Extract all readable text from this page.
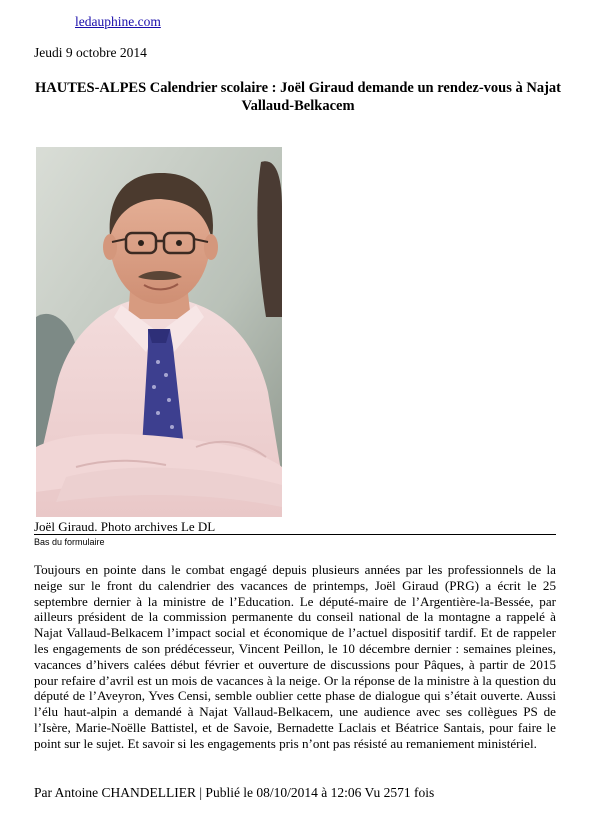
ledauphine.com
Jeudi 9 octobre 2014
HAUTES-ALPES Calendrier scolaire : Joël Giraud demande un rendez-vous à Najat Vallaud-Belkacem
Joël Giraud. Photo archives Le DL
Bas du formulaire
Toujours en pointe dans le combat engagé depuis plusieurs années par les professionnels de la neige sur le front du calendrier des vacances de printemps, Joël Giraud (PRG) a écrit le 25 septembre dernier à la ministre de l’Education. Le député-maire de l’Argentière-la-Bessée, par ailleurs président de la commission permanente du conseil national de la montagne a rappelé à Najat Vallaud-Belkacem l’impact social et économique de l’actuel dispositif tardif. Et de rappeler les engagements de son prédécesseur, Vincent Peillon, le 10 décembre dernier : semaines pleines, vacances d’hivers calées début février et ouverture de discussions pour Pâques, à partir de 2015 pour refaire d’avril est un mois de vacances à la neige. Or la réponse de la ministre à la question du député de l’Aveyron, Yves Censi, semble oublier cette phase de dialogue qui s’était ouverte. Aussi l’élu haut-alpin a demandé à Najat Vallaud-Belkacem, une audience avec ses collègues PS de l’Isère, Marie-Noëlle Battistel, et de Savoie, Bernadette Laclais et Béatrice Santais, pour faire le point sur le sujet. Et savoir si les engagements pris n’ont pas résisté au remaniement ministériel.
Par Antoine CHANDELLIER | Publié le 08/10/2014 à 12:06 Vu 2571 fois
